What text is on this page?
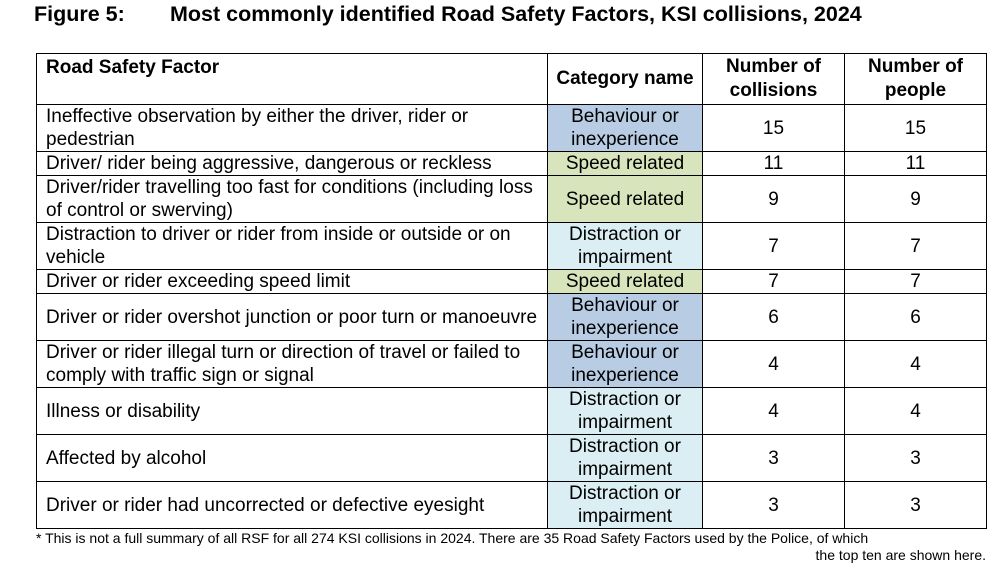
Figure 5: Most commonly identified Road Safety Factors, KSI collisions, 2024
Road Safety Factor	Category name	Number of collisions	Number of people
Ineffective observation by either the driver, rider or pedestrian	Behaviour or inexperience	15	15
Driver/ rider being aggressive, dangerous or reckless	Speed related	11	11
Driver/rider travelling too fast for conditions (including loss of control or swerving)	Speed related	9	9
Distraction to driver or rider from inside or outside or on vehicle	Distraction or impairment	7	7
Driver or rider exceeding speed limit	Speed related	7	7
Driver or rider overshot junction or poor turn or manoeuvre	Behaviour or inexperience	6	6
Driver or rider illegal turn or direction of travel or failed to comply with traffic sign or signal	Behaviour or inexperience	4	4
Illness or disability	Distraction or impairment	4	4
Affected by alcohol	Distraction or impairment	3	3
Driver or rider had uncorrected or defective eyesight	Distraction or impairment	3	3
* This is not a full summary of all RSF for all 274 KSI collisions in 2024. There are 35 Road Safety Factors used by the Police, of which
the top ten are shown here.
